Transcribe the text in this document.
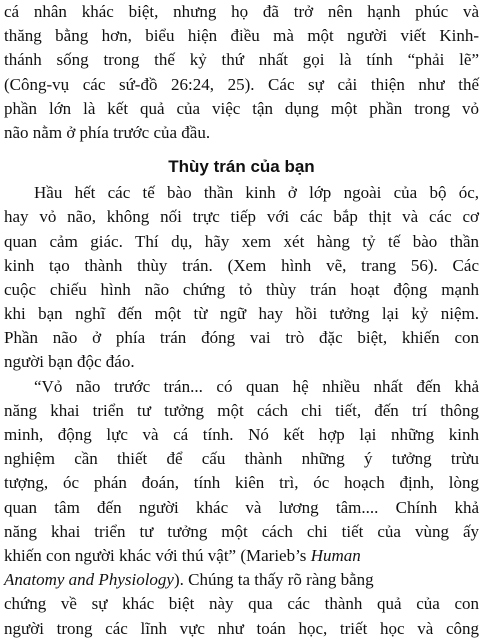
cá nhân khác biệt, nhưng họ đã trở nên hạnh phúc và
thăng bằng hơn, biểu hiện điều mà một người viết Kinh-
thánh sống trong thế kỷ thứ nhất gọi là tính “phải lẽ”
(Công-vụ các sứ-đồ 26:24, 25). Các sự cải thiện như thế
phần lớn là kết quả của việc tận dụng một phần trong vỏ
não nằm ở phía trước của đầu.
Thùy trán của bạn
Hầu hết các tế bào thần kinh ở lớp ngoài của bộ óc,
hay vỏ não, không nối trực tiếp với các bắp thịt và các cơ
quan cảm giác. Thí dụ, hãy xem xét hàng tỷ tế bào thần
kinh tạo thành thùy trán. (Xem hình vẽ, trang 56). Các
cuộc chiếu hình não chứng tỏ thùy trán hoạt động mạnh
khi bạn nghĩ đến một từ ngữ hay hồi tưởng lại kỷ niệm.
Phần não ở phía trán đóng vai trò đặc biệt, khiến con
người bạn độc đáo.
“Vỏ não trước trán... có quan hệ nhiều nhất đến khả
năng khai triển tư tưởng một cách chi tiết, đến trí thông
minh, động lực và cá tính. Nó kết hợp lại những kinh
nghiệm cần thiết để cấu thành những ý tưởng trừu
tượng, óc phán đoán, tính kiên trì, óc hoạch định, lòng
quan tâm đến người khác và lương tâm.... Chính khả
năng khai triển tư tưởng một cách chi tiết của vùng ấy
khiến con người khác với thú vật” (Marieb’s Human
Anatomy and Physiology). Chúng ta thấy rõ ràng bằng
chứng về sự khác biệt này qua các thành quả của con
người trong các lĩnh vực như toán học, triết học và công
